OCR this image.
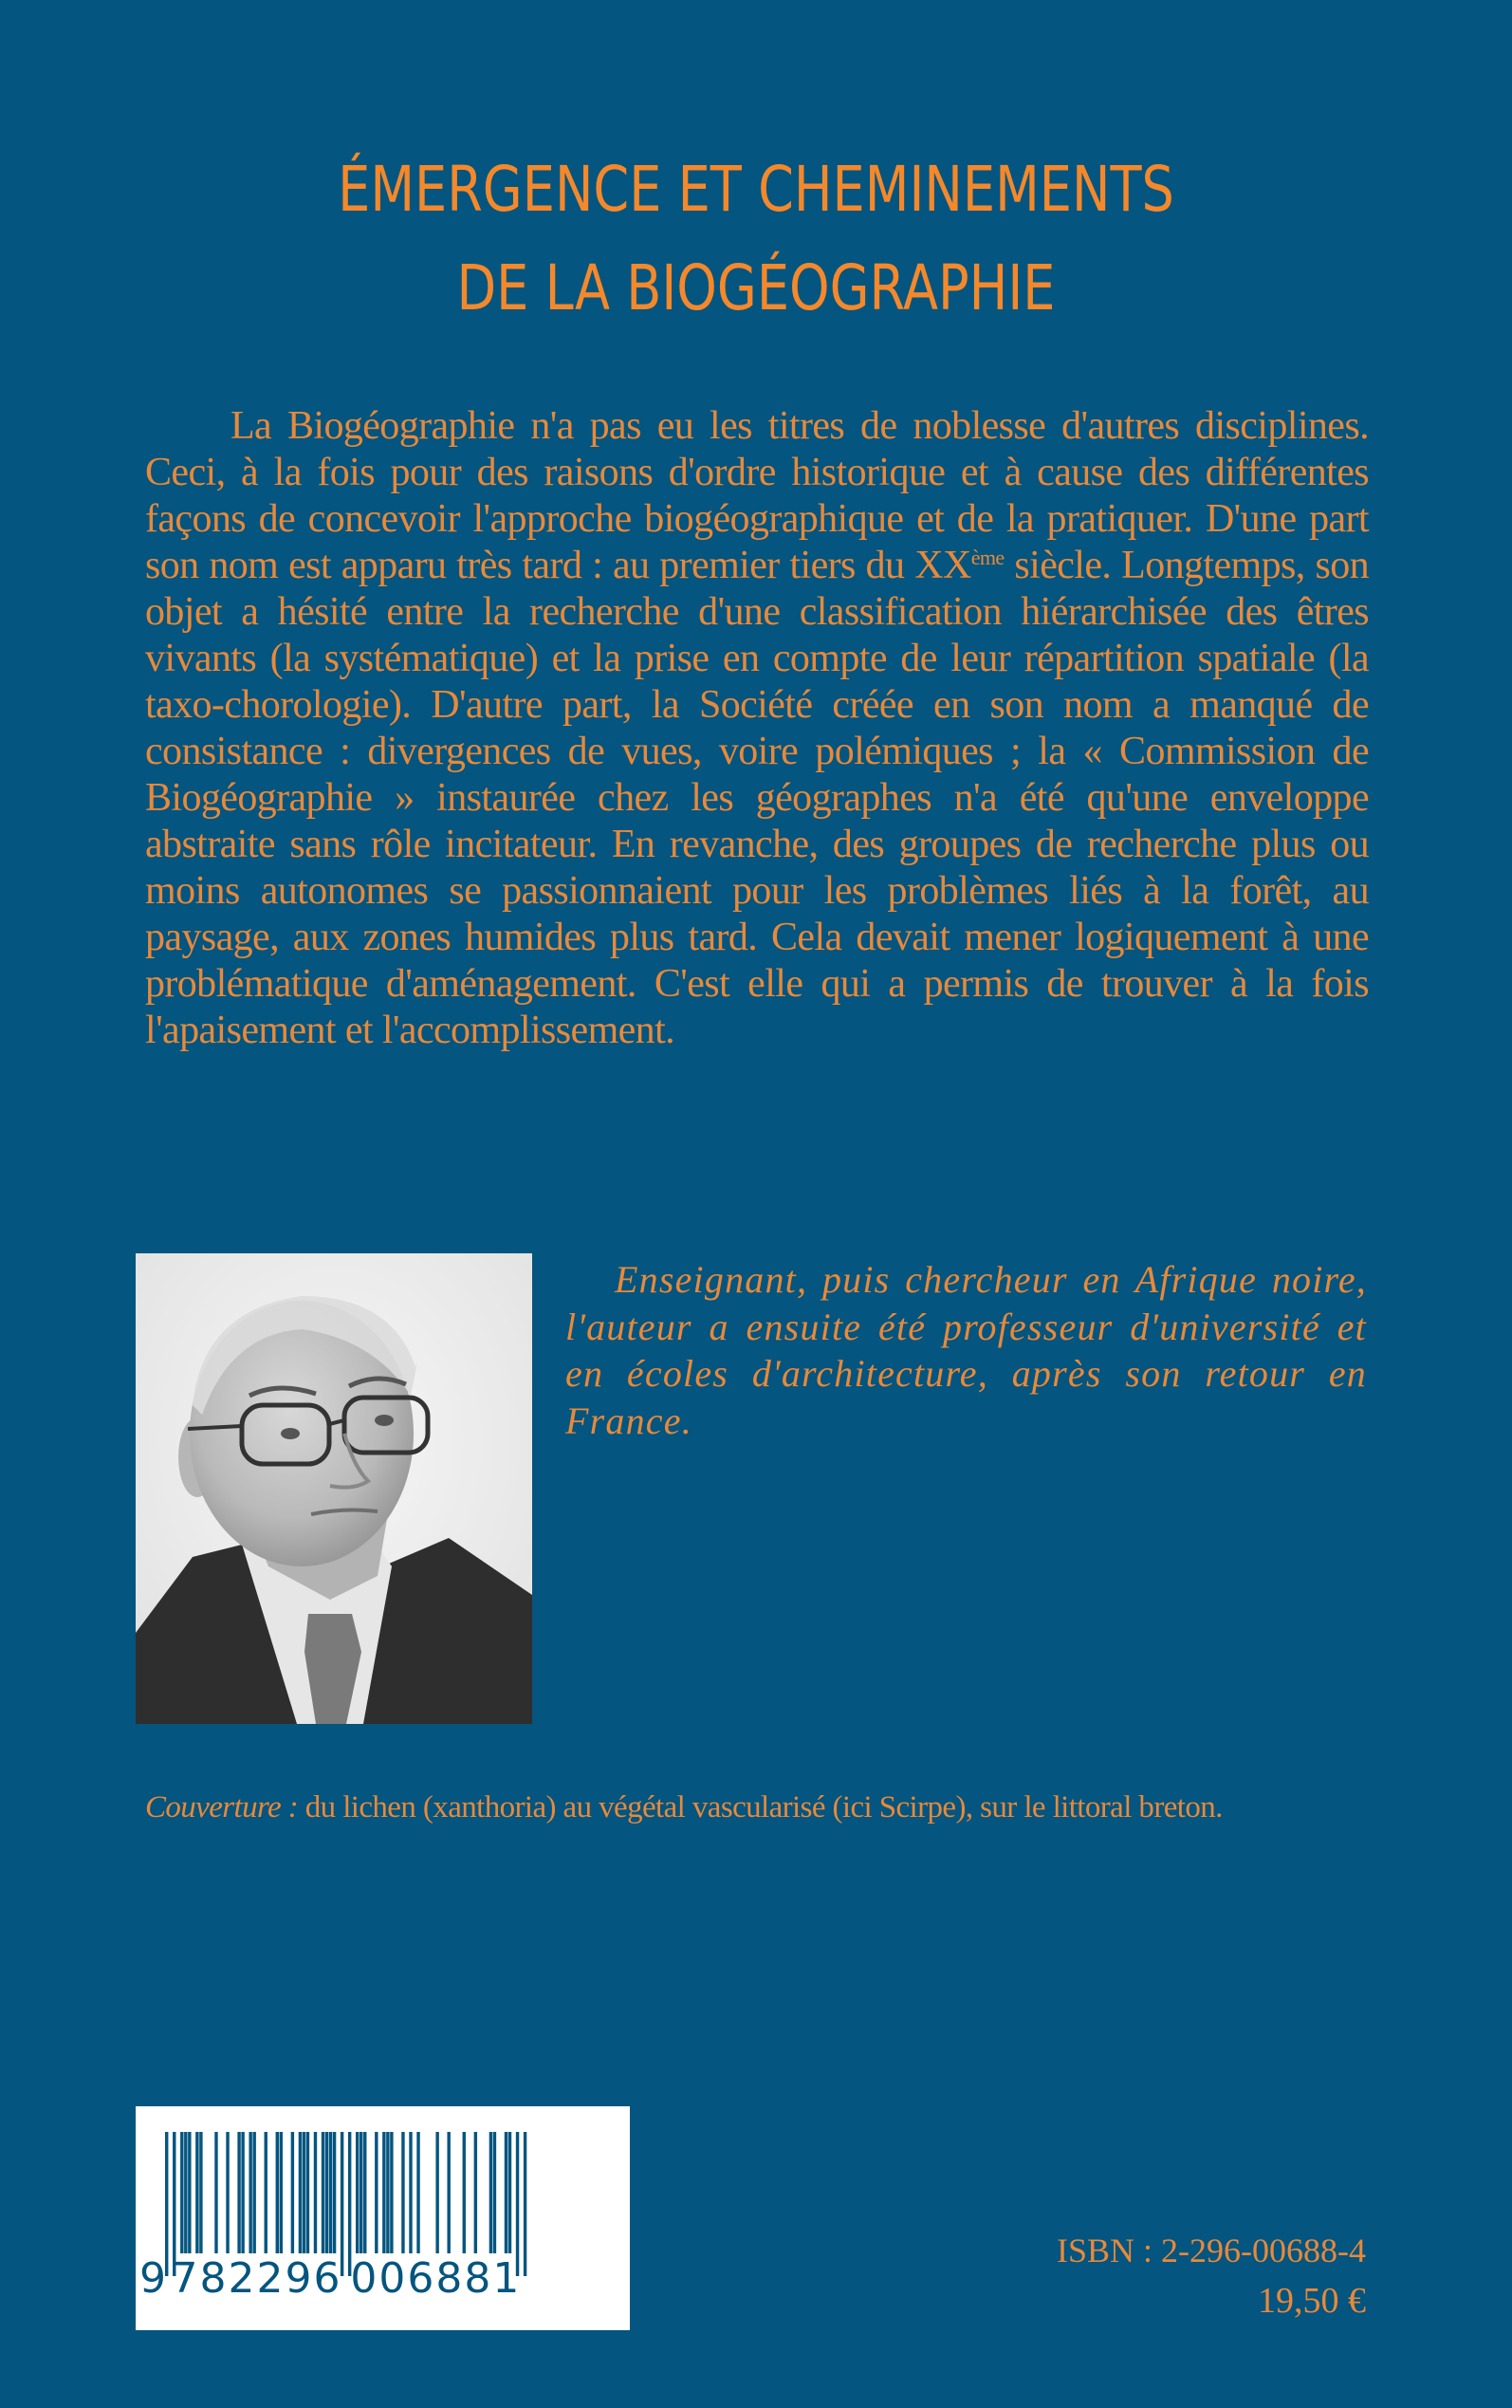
ÉMERGENCE ET CHEMINEMENTS
DE LA BIOGÉOGRAPHIE

La Biogéographie n'a pas eu les titres de noblesse d'autres disciplines. Ceci, à la fois pour des raisons d'ordre historique et à cause des différentes façons de concevoir l'approche biogéographique et de la pratiquer. D'une part son nom est apparu très tard : au premier tiers du XXème siècle. Longtemps, son objet a hésité entre la recherche d'une classification hiérarchisée des êtres vivants (la systématique) et la prise en compte de leur répartition spatiale (la taxo-chorologie). D'autre part, la Société créée en son nom a manqué de consistance : divergences de vues, voire polémiques ; la « Commission de Biogéographie » instaurée chez les géographes n'a été qu'une enveloppe abstraite sans rôle incitateur. En revanche, des groupes de recherche plus ou moins autonomes se passionnaient pour les problèmes liés à la forêt, au paysage, aux zones humides plus tard. Cela devait mener logiquement à une problématique d'aménagement. C'est elle qui a permis de trouver à la fois l'apaisement et l'accomplissement.

Enseignant, puis chercheur en Afrique noire, l'auteur a ensuite été professeur d'université et en écoles d'architecture, après son retour en France.

Couverture : du lichen (xanthoria) au végétal vascularisé (ici Scirpe), sur le littoral breton.

9 782296 006881

ISBN : 2-296-00688-4

19,50 €
